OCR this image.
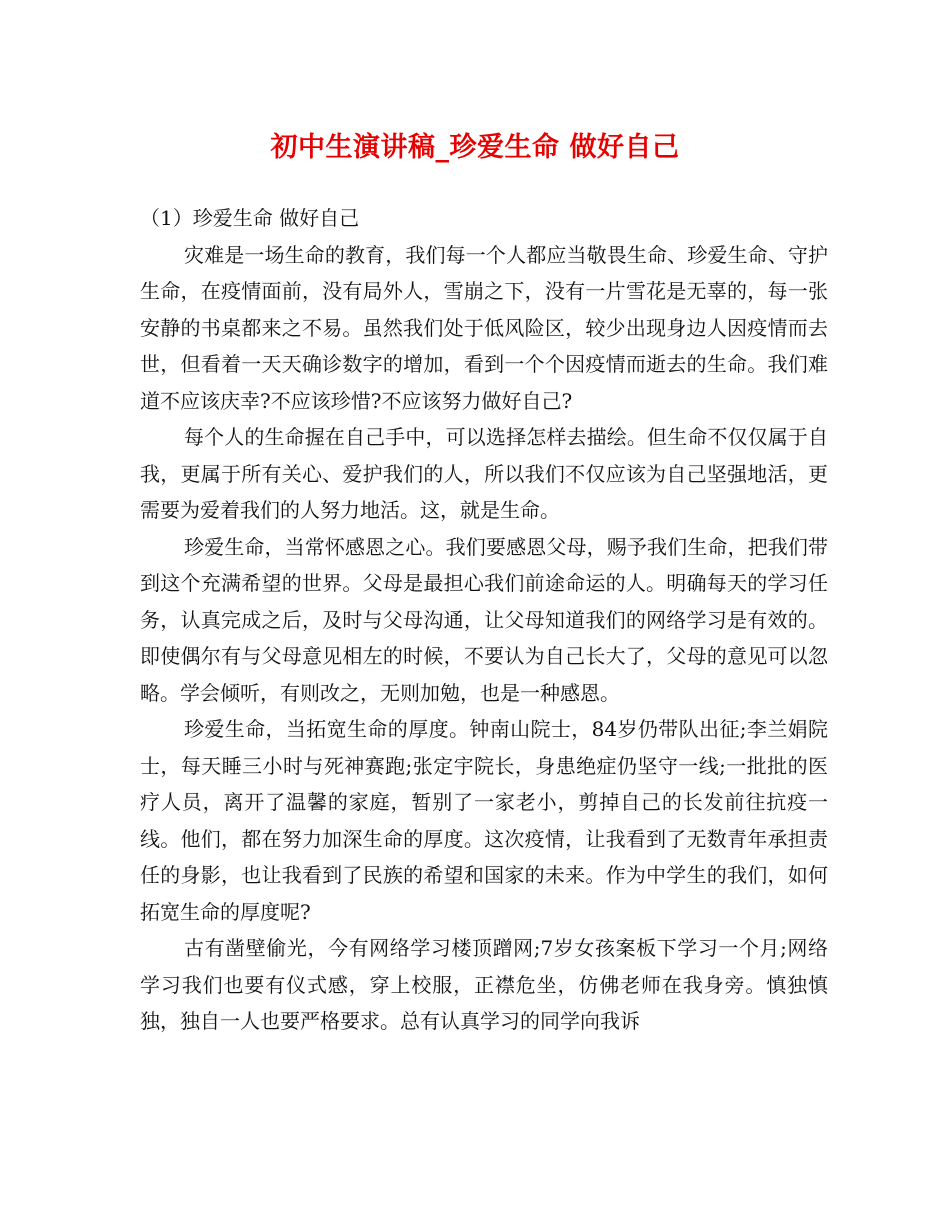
初中生演讲稿_珍爱生命 做好自己

（1）珍爱生命 做好自己

灾难是一场生命的教育，我们每一个人都应当敬畏生命、珍爱生命、守护生命，在疫情面前，没有局外人，雪崩之下，没有一片雪花是无辜的，每一张安静的书桌都来之不易。虽然我们处于低风险区，较少出现身边人因疫情而去世，但看着一天天确诊数字的增加，看到一个个因疫情而逝去的生命。我们难道不应该庆幸?不应该珍惜?不应该努力做好自己?

每个人的生命握在自己手中，可以选择怎样去描绘。但生命不仅仅属于自我，更属于所有关心、爱护我们的人，所以我们不仅应该为自己坚强地活，更需要为爱着我们的人努力地活。这，就是生命。

珍爱生命，当常怀感恩之心。我们要感恩父母，赐予我们生命，把我们带到这个充满希望的世界。父母是最担心我们前途命运的人。明确每天的学习任务，认真完成之后，及时与父母沟通，让父母知道我们的网络学习是有效的。即使偶尔有与父母意见相左的时候，不要认为自己长大了，父母的意见可以忽略。学会倾听，有则改之，无则加勉，也是一种感恩。

珍爱生命，当拓宽生命的厚度。钟南山院士，84岁仍带队出征;李兰娟院士，每天睡三小时与死神赛跑;张定宇院长，身患绝症仍坚守一线;一批批的医疗人员，离开了温馨的家庭，暂别了一家老小，剪掉自己的长发前往抗疫一线。他们，都在努力加深生命的厚度。这次疫情，让我看到了无数青年承担责任的身影，也让我看到了民族的希望和国家的未来。作为中学生的我们，如何拓宽生命的厚度呢?

古有凿壁偷光，今有网络学习楼顶蹭网;7岁女孩案板下学习一个月;网络学习我们也要有仪式感，穿上校服，正襟危坐，仿佛老师在我身旁。慎独慎独，独自一人也要严格要求。总有认真学习的同学向我诉
